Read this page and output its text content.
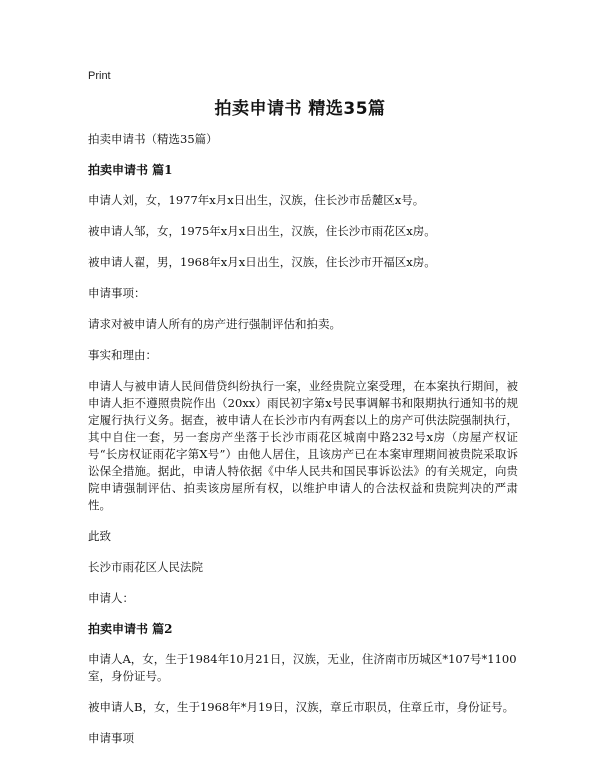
Print
拍卖申请书 精选35篇

拍卖申请书（精选35篇）

拍卖申请书 篇1

申请人刘，女，1977年x月x日出生，汉族，住长沙市岳麓区x号。

被申请人邹，女，1975年x月x日出生，汉族，住长沙市雨花区x房。

被申请人翟，男，1968年x月x日出生，汉族，住长沙市开福区x房。

申请事项：

请求对被申请人所有的房产进行强制评估和拍卖。

事实和理由：

申请人与被申请人民间借贷纠纷执行一案，业经贵院立案受理，在本案执行期间，被申请人拒不遵照贵院作出（20xx）雨民初字第x号民事调解书和限期执行通知书的规定履行执行义务。据查，被申请人在长沙市内有两套以上的房产可供法院强制执行，其中自住一套，另一套房产坐落于长沙市雨花区城南中路232号x房（房屋产权证号“长房权证雨花字第X号”）由他人居住，且该房产已在本案审理期间被贵院采取诉讼保全措施。据此，申请人特依据《中华人民共和国民事诉讼法》的有关规定，向贵院申请强制评估、拍卖该房屋所有权，以维护申请人的合法权益和贵院判决的严肃性。

此致

长沙市雨花区人民法院

申请人：

拍卖申请书 篇2

申请人A，女，生于1984年10月21日，汉族，无业，住济南市历城区*107号*1100室，身份证号。

被申请人B，女，生于1968年*月19日，汉族，章丘市职员，住章丘市，身份证号。

申请事项
